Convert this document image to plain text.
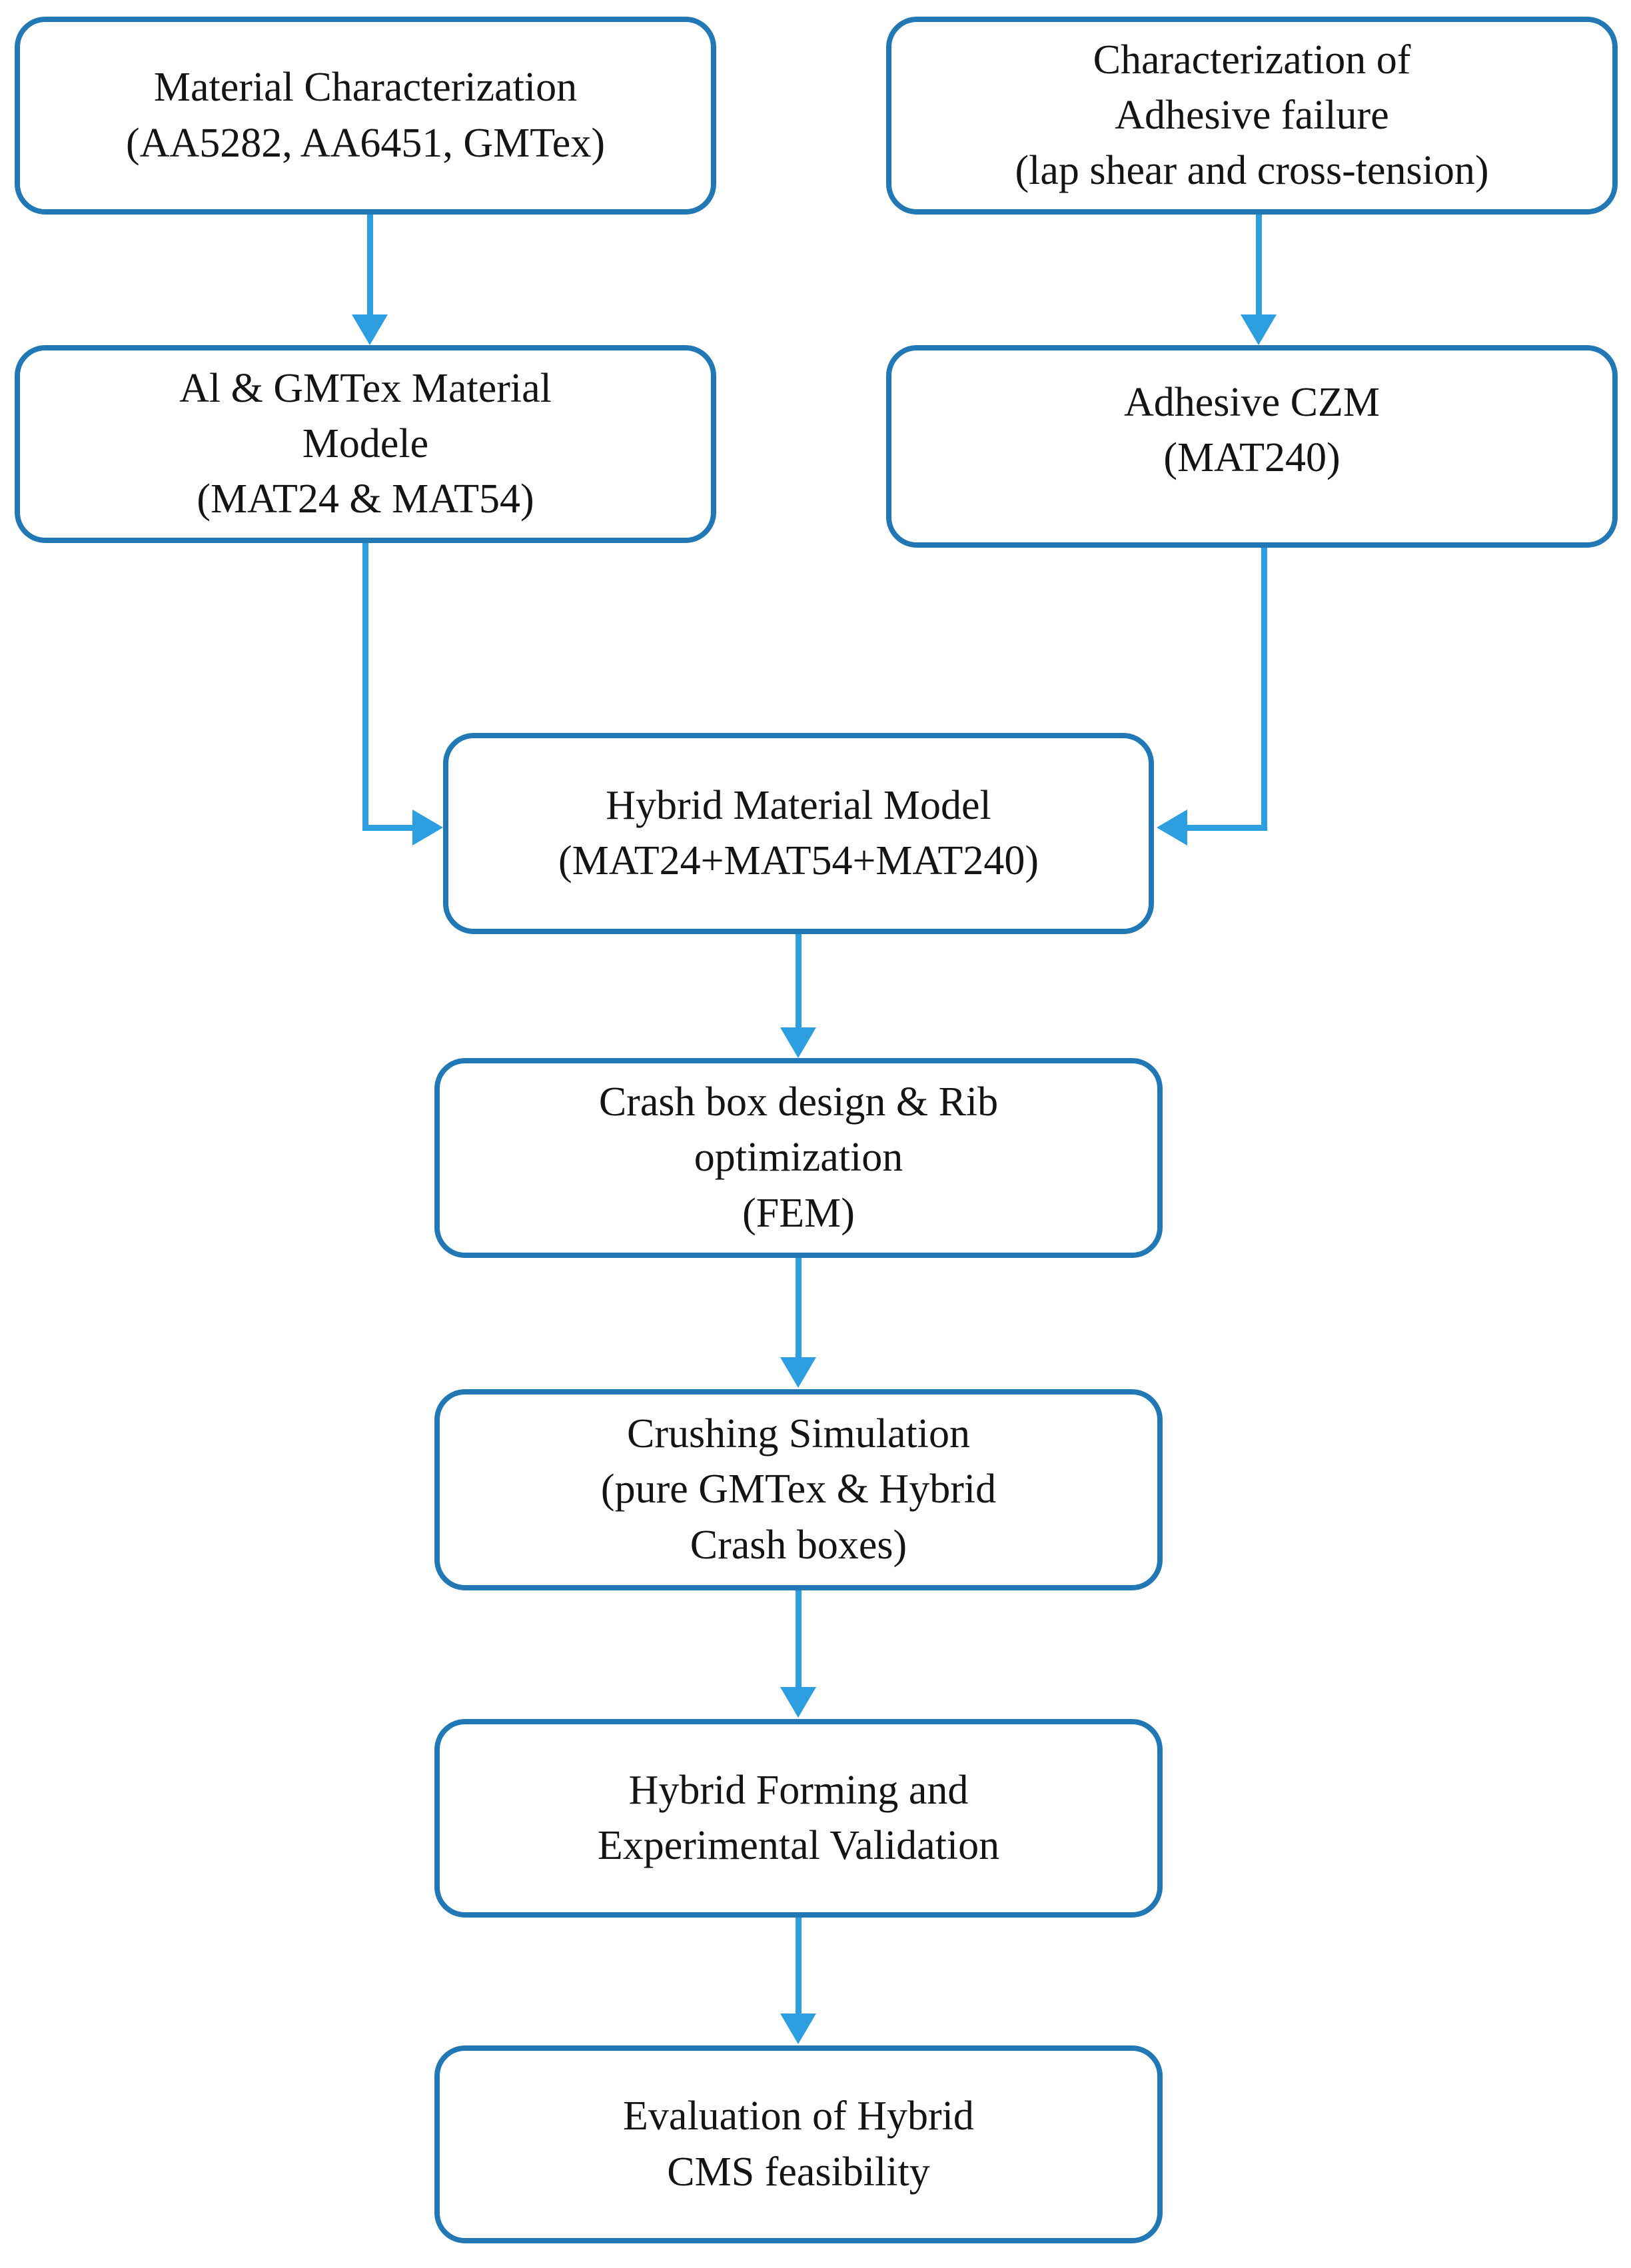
Material Characterization
(AA5282, AA6451, GMTex)
Characterization of
Adhesive failure
(lap shear and cross-tension)
Al & GMTex Material
Modele
(MAT24 & MAT54)
Adhesive CZM
(MAT240)
Hybrid Material Model
(MAT24+MAT54+MAT240)
Crash box design & Rib
optimization
(FEM)
Crushing Simulation
(pure GMTex & Hybrid
Crash boxes)
Hybrid Forming and
Experimental Validation
Evaluation of Hybrid
CMS feasibility
